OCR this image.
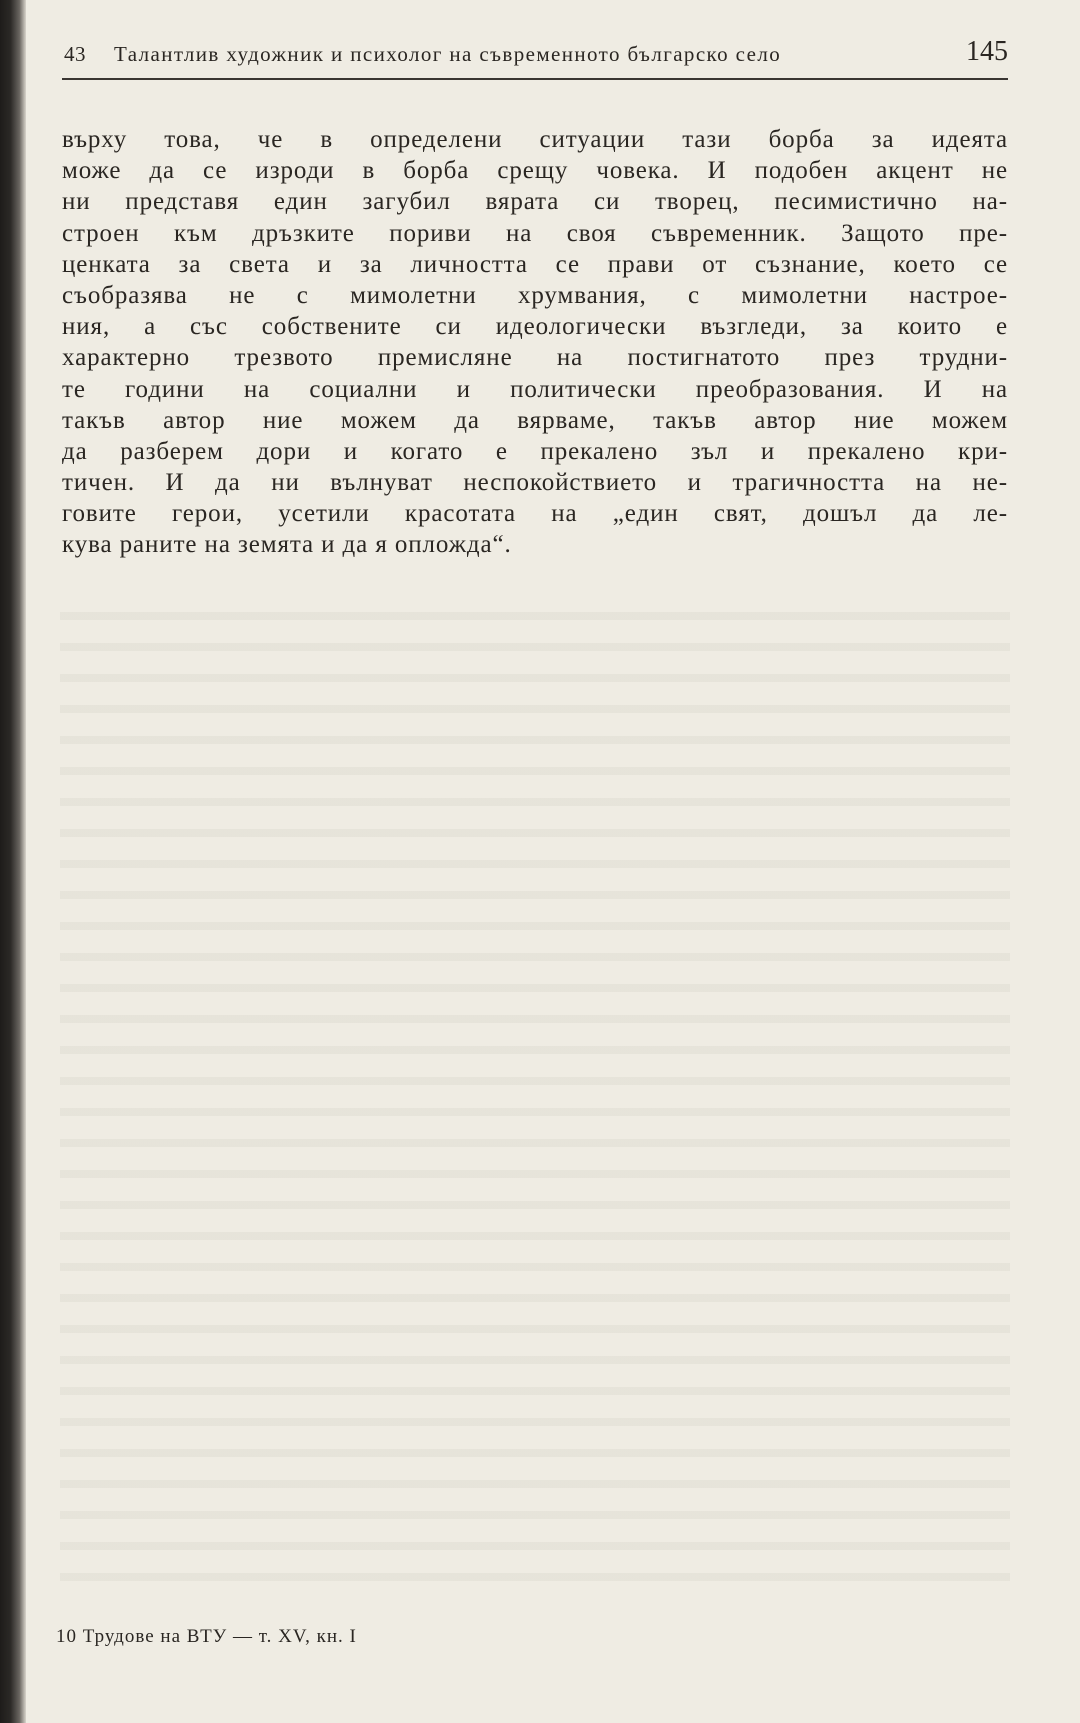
43 Талантлив художник и психолог на съвременното българско село	145
върху това, че в определени ситуации тази борба за идеята
може да се изроди в борба срещу човека. И подобен акцент не
ни представя един загубил вярата си творец, песимистично на-
строен към дръзките пориви на своя съвременник. Защото пре-
ценката за света и за личността се прави от съзнание, което се
съобразява не с мимолетни хрумвания, с мимолетни настрое-
ния, а със собствените си идеологически възгледи, за които е
характерно трезвото премисляне на постигнатото през трудни-
те години на социални и политически преобразования. И на
такъв автор ние можем да вярваме, такъв автор ние можем
да разберем дори и когато е прекалено зъл и прекалено кри-
тичен. И да ни вълнуват неспокойствието и трагичността на не-
говите герои, усетили красотата на „един свят, дошъл да ле-
кува раните на земята и да я опложда“.
10 Трудове на ВТУ — т. XV, кн. I
